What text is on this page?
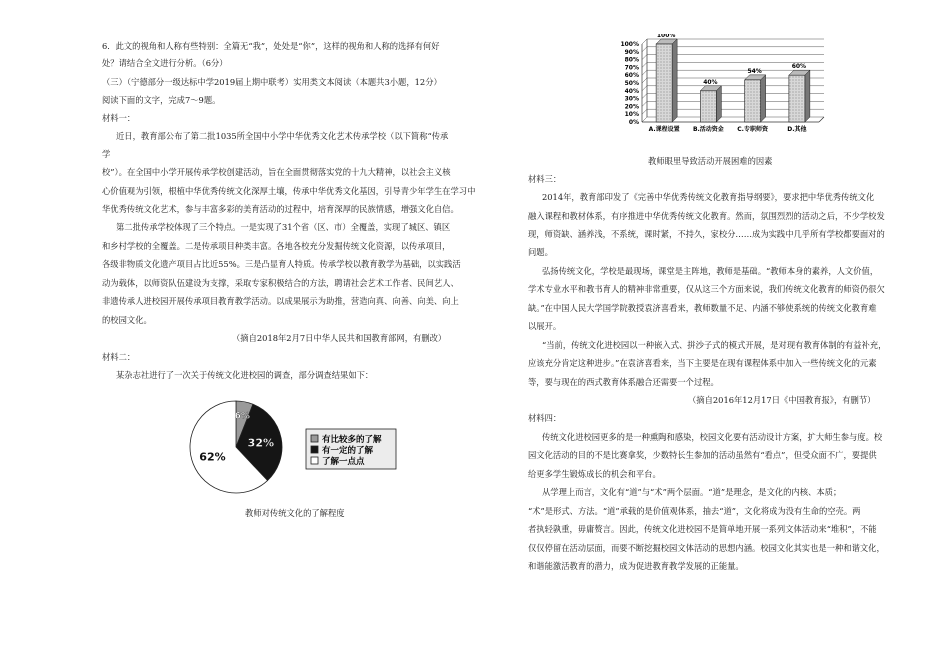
6．此文的视角和人称有些特别：全篇无“我”，处处是“你”，这样的视角和人称的选择有何好
处？请结合全文进行分析。（6分）
（三）（宁德部分一级达标中学2019届上期中联考）实用类文本阅读（本题共3小题，12分）
阅读下面的文字，完成7～9题。
材料一：
近日，教育部公布了第二批1035所全国中小学中华优秀文化艺术传承学校（以下简称“传承
学
校”）。在全国中小学开展传承学校创建活动，旨在全面贯彻落实党的十九大精神，以社会主义核
心价值观为引领，根植中华优秀传统文化深厚土壤，传承中华优秀文化基因，引导青少年学生在学习中
华优秀传统文化艺术，参与丰富多彩的美育活动的过程中，培育深厚的民族情感，增强文化自信。
第二批传承学校体现了三个特点。一是实现了31个省（区、市）全覆盖，实现了城区、镇区
和乡村学校的全覆盖。二是传承项目种类丰富。各地各校充分发掘传统文化资源，以传承项目，
各级非物质文化遗产项目占比近55%。三是凸显育人特质。传承学校以教育教学为基础，以实践活
动为载体，以师资队伍建设为支撑，采取专家积极结合的方法，聘请社会艺术工作者、民间艺人、
非遗传承人进校园开展传承项目教育教学活动。以成果展示为助推，营造向真、向善、向美、向上
的校园文化。
（摘自2018年2月7日中华人民共和国教育部网，有删改）
材料二：
某杂志社进行了一次关于传统文化进校园的调查，部分调查结果如下：
教师眼里导致活动开展困难的因素
材料三：
2014年，教育部印发了《完善中华优秀传统文化教育指导纲要》，要求把中华优秀传统文化
融入课程和教材体系，有序推进中华优秀传统文化教育。然而，氛围烈烈的活动之后，不少学校发
现，师资缺、涵养浅，不系统，课时紧，不持久，家校分……成为实践中几乎所有学校都要面对的
问题。
弘扬传统文化，学校是最现场，课堂是主阵地，教师是基础。“教师本身的素养，人文价值，
学术专业水平和教书育人的精神非常重要，仅从这三个方面来说，我们传统文化教育的师资仍很欠
缺。”在中国人民大学国学院教授袁济喜看来，教师数量不足、内涵不够使系统的传统文化教育难
以展开。
“当前，传统文化进校园以一种嵌入式、拼沙子式的模式开展，是对现有教育体制的有益补充，
应该充分肯定这种进步。”在袁济喜看来，当下主要是在现有课程体系中加入一些传统文化的元素
等，要与现在的西式教育体系融合还需要一个过程。
（摘自2016年12月17日《中国教育报》，有删节）
材料四：
传统文化进校园更多的是一种熏陶和感染，校园文化要有活动设计方案，扩大师生参与度。校
园文化活动的目的不是比赛拿奖，少数特长生参加的活动虽然有“看点”，但受众面不广，要提供
给更多学生锻炼成长的机会和平台。
从学理上而言，文化有“道”与“术”两个层面。“道”是理念，是文化的内核、本质；
“术”是形式、方法。“道”承载的是价值观体系，抽去“道”，文化将成为没有生命的空壳。两
者执轻孰重，毋庸赘言。因此，传统文化进校园不是简单地开展一系列文体活动来“堆积”，不能
仅仅停留在活动层面，而要不断挖掘校园文体活动的思想内涵。校园文化其实也是一种和谐文化，
和谐能激活教育的潜力，成为促进教育教学发展的正能量。
0%
10%
20%
30%
40%
50%
60%
70%
80%
90%
100%
100%
40%
54%
60%
A.课程设置 B.活动资金 C.专职师资	D.其他
6%
32%
62%
有比较多的了解
有一定的了解
了解一点点
教师对传统文化的了解程度
